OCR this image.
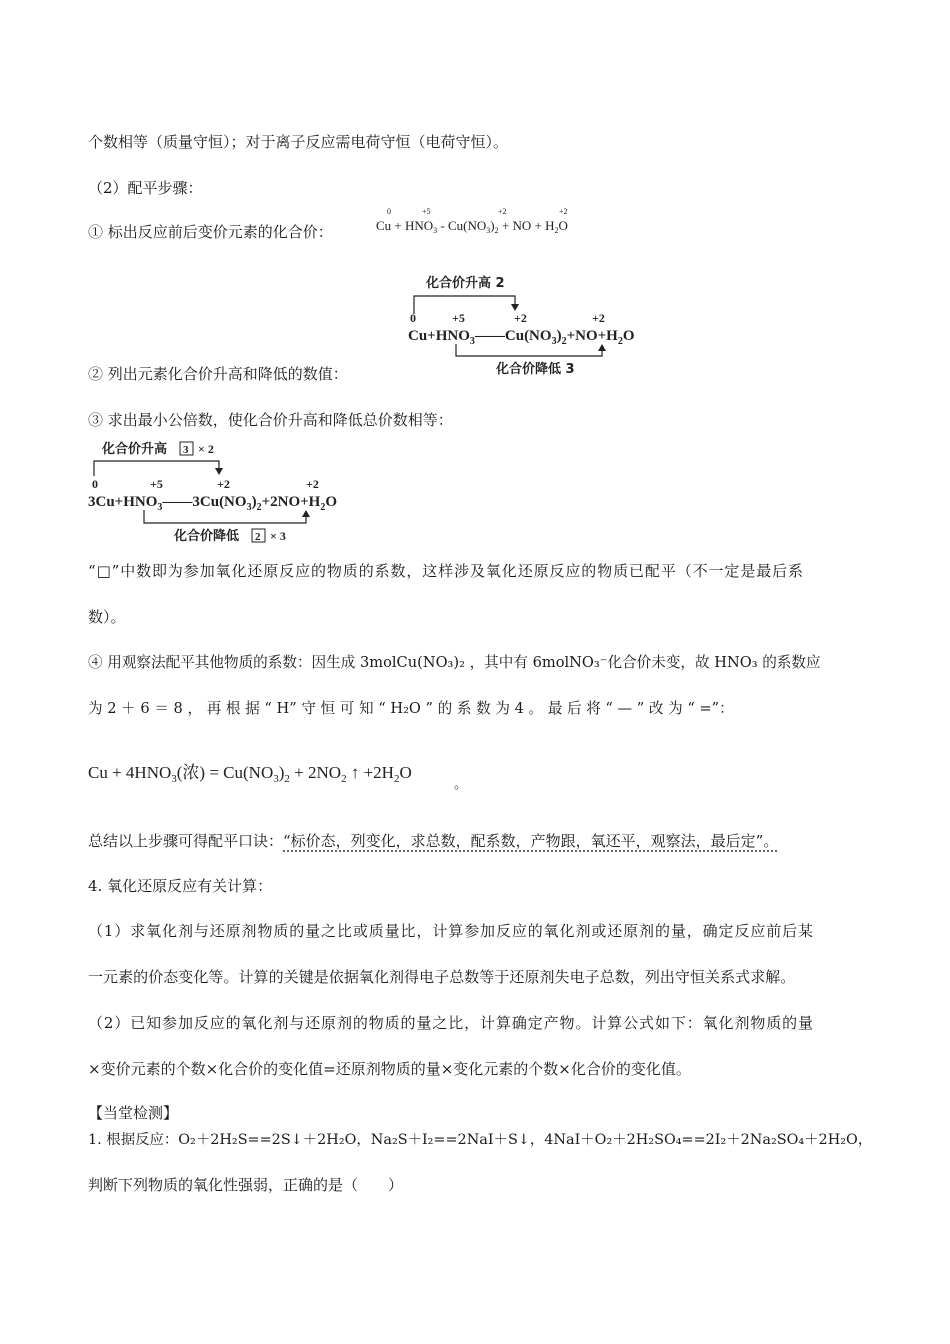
个数相等（质量守恒）；对于离子反应需电荷守恒（电荷守恒）。
（2）配平步骤：
① 标出反应前后变价元素的化合价：
0	+5	+2	+2
$Cu + HNO_3 - Cu(NO_3)_2$ + NO + $H_2O$
化合价升高 2
0	+5	+2	+2
$Cu+HNO_3——Cu(NO_3)_2+NO+H_2O$
化合价降低 3
② 列出元素化合价升高和降低的数值：
③ 求出最小公倍数，使化合价升高和降低总价数相等：
化合价升高 3 × 2
0	+5	+2	+2
$3Cu+HNO_3——3Cu(NO_3)_2+2NO+H_2O$
化合价降低 2 × 3
“□”中数即为参加氧化还原反应的物质的系数，这样涉及氧化还原反应的物质已配平（不一定是最后系
数）。
④ 用观察法配平其他物质的系数：因生成 3molCu(NO₃)₂ ，其中有 6molNO₃⁻化合价未变，故 HNO₃ 的系数应
为 2 ＋ 6 ＝ 8 ， 再 根 据 “ H” 守 恒 可 知 “ H₂O ” 的 系 数 为 4 。 最 后 将 “ — ” 改 为 “ =”：
$Cu + 4HNO_3$(浓) = $Cu(NO_3)_2 + 2NO_2$ ↑ $+2H_2O$
。
总结以上步骤可得配平口诀：“标价态，列变化，求总数，配系数，产物跟，氧还平，观察法，最后定”。
4. 氧化还原反应有关计算：
（1）求氧化剂与还原剂物质的量之比或质量比，计算参加反应的氧化剂或还原剂的量，确定反应前后某
一元素的价态变化等。计算的关键是依据氧化剂得电子总数等于还原剂失电子总数，列出守恒关系式求解。
（2）已知参加反应的氧化剂与还原剂的物质的量之比，计算确定产物。计算公式如下：氧化剂物质的量
×变价元素的个数×化合价的变化值=还原剂物质的量×变化元素的个数×化合价的变化值。
【当堂检测】
1. 根据反应：O₂＋2H₂S==2S↓＋2H₂O，Na₂S＋I₂==2NaI＋S↓，4NaI＋O₂＋2H₂SO₄==2I₂＋2Na₂SO₄＋2H₂O，
判断下列物质的氧化性强弱，正确的是（　　）
